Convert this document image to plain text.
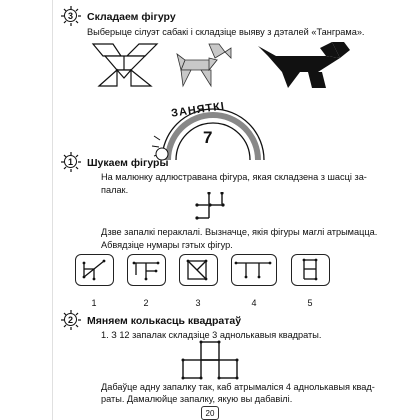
3	Складаем фігуру
Выберыце сілуэт сабакі і складзіце выяву з дэталей «Танграма».
ЗАНЯТКІ
7
1	Шукаем фігуры
На малюнку адлюстравана фігура, якая складзена з шасці за-
палак.
Дзве запалкі пераклалі. Вызначце, якія фігуры маглі атрымацца.
Абвядзіце нумары гэтых фігур.
1	2	3	4	5
2	Мяняем колькасць квадратаў
1. З 12 запалак складзіце 3 аднолькавыя квадраты.
Дабаўце адну запалку так, каб атрымаліся 4 аднолькавыя квад-
раты. Дамалюйце запалку, якую вы дабавілі.
20
